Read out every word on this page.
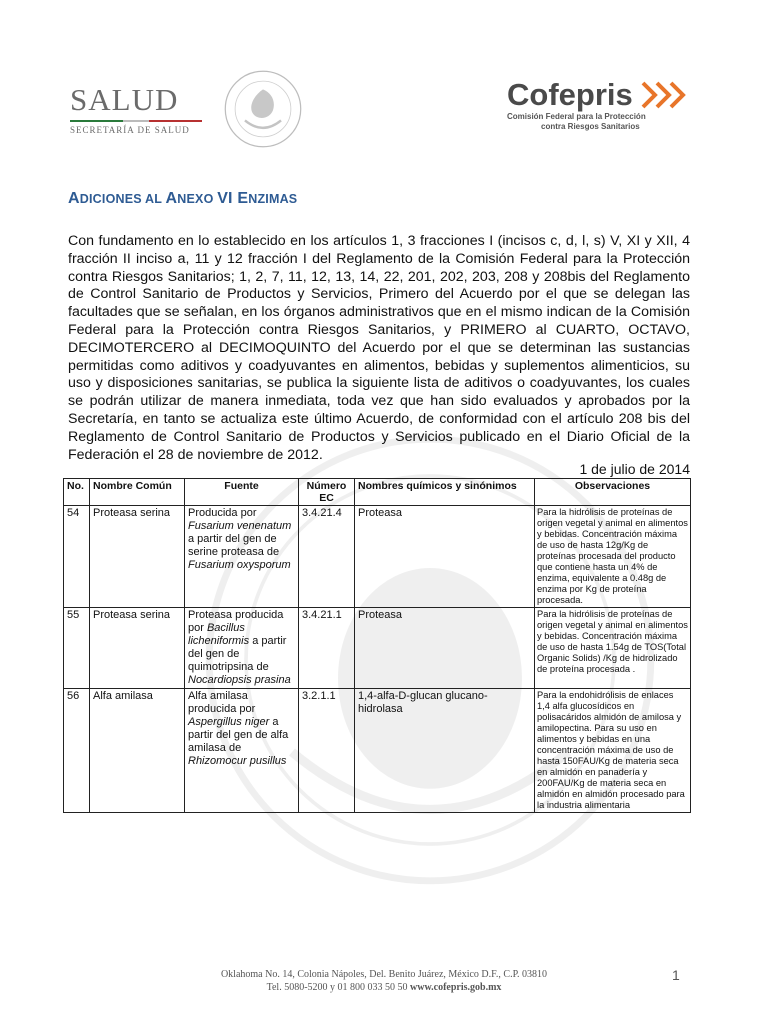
SALUD
SECRETARÍA DE SALUD
Cofepris
Comisión Federal para la Protección
contra Riesgos Sanitarios
ADICIONES AL ANEXO VI ENZIMAS
Con fundamento en lo establecido en los artículos 1, 3 fracciones I (incisos c, d, l, s) V, XI y XII, 4 fracción II inciso a, 11 y 12 fracción I del Reglamento de la Comisión Federal para la Protección contra Riesgos Sanitarios; 1, 2, 7, 11, 12, 13, 14, 22, 201, 202, 203, 208 y 208bis del Reglamento de Control Sanitario de Productos y Servicios, Primero del Acuerdo por el que se delegan las facultades que se señalan, en los órganos administrativos que en el mismo indican de la Comisión Federal para la Protección contra Riesgos Sanitarios, y PRIMERO al CUARTO, OCTAVO, DECIMOTERCERO al DECIMOQUINTO del Acuerdo por el que se determinan las sustancias permitidas como aditivos y coadyuvantes en alimentos, bebidas y suplementos alimenticios, su uso y disposiciones sanitarias, se publica la siguiente lista de aditivos o coadyuvantes, los cuales se podrán utilizar de manera inmediata, toda vez que han sido evaluados y aprobados por la Secretaría, en tanto se actualiza este último Acuerdo, de conformidad con el artículo 208 bis del Reglamento de Control Sanitario de Productos y Servicios publicado en el Diario Oficial de la Federación el 28 de noviembre de 2012.
1 de julio de 2014
No.	Nombre Común	Fuente	Número EC	Nombres químicos y sinónimos	Observaciones
54	Proteasa serina	Producida por Fusarium venenatum a partir del gen de serine proteasa de Fusarium oxysporum	3.4.21.4	Proteasa	Para la hidrólisis de proteínas de origen vegetal y animal en alimentos y bebidas. Concentración máxima de uso de hasta 12g/Kg de proteínas procesada del producto que contiene hasta un 4% de enzima, equivalente a 0.48g de enzima por Kg de proteína procesada.
55	Proteasa serina	Proteasa producida por Bacillus licheniformis a partir del gen de quimotripsina de Nocardiopsis prasina	3.4.21.1	Proteasa	Para la hidrólisis de proteínas de origen vegetal y animal en alimentos y bebidas. Concentración máxima de uso de hasta 1.54g de TOS(Total Organic Solids) /Kg de hidrolizado de proteína procesada .
56	Alfa amilasa	Alfa amilasa producida por Aspergillus niger a partir del gen de alfa amilasa de Rhizomocur pusillus	3.2.1.1	1,4-alfa-D-glucan glucano-hidrolasa	Para la endohidrólisis de enlaces 1,4 alfa glucosídicos en polisacáridos almidón de amilosa y amilopectina. Para su uso en alimentos y bebidas en una concentración máxima de uso de hasta 150FAU/Kg de materia seca en almidón en panadería y 200FAU/Kg de materia seca en almidón en almidón procesado para la industria alimentaria
Oklahoma No. 14, Colonia Nápoles, Del. Benito Juárez, México D.F., C.P. 03810
Tel. 5080-5200 y 01 800 033 50 50 www.cofepris.gob.mx
1
